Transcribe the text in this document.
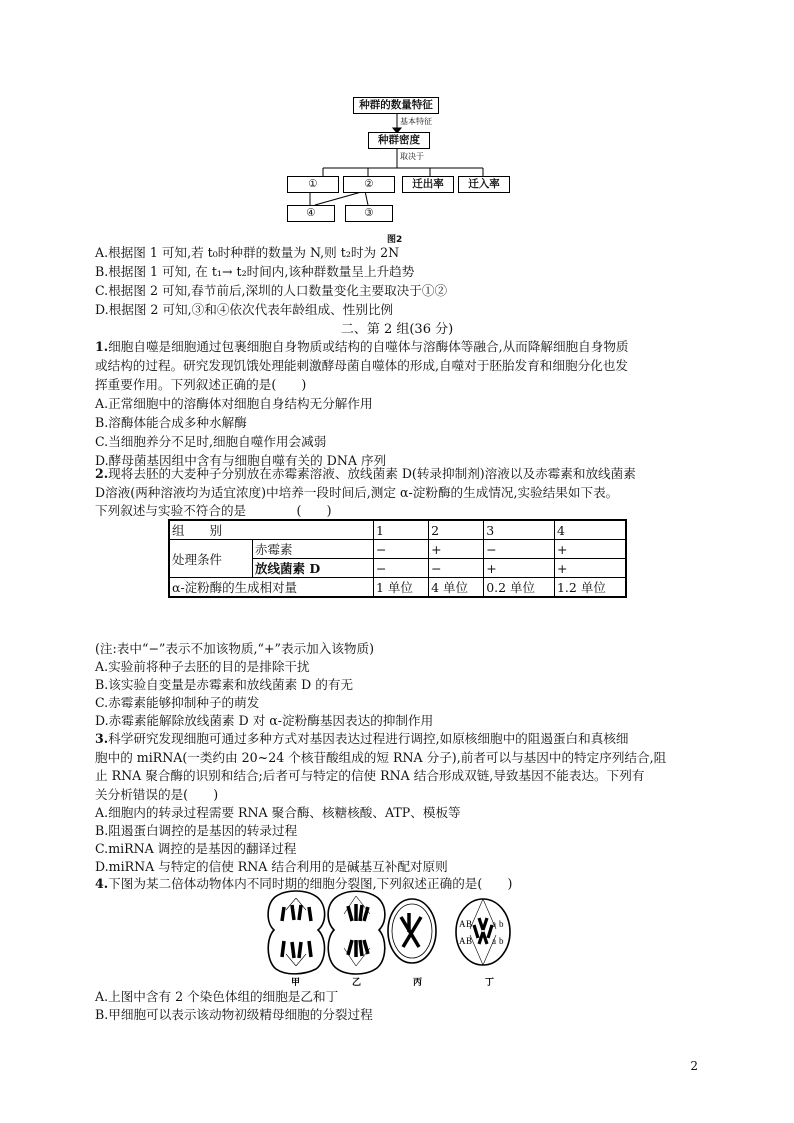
种群的数量特征
基本特征
种群密度
取决于
①	②	迁出率	迁入率
④	③
图2
A.根据图 1 可知,若 t₀时种群的数量为 N,则 t₂时为 2N
B.根据图 1 可知, 在 t₁→ t₂时间内,该种群数量呈上升趋势
C.根据图 2 可知,春节前后,深圳的人口数量变化主要取决于①②
D.根据图 2 可知,③和④依次代表年龄组成、性别比例
二、第 2 组(36 分)
1.细胞自噬是细胞通过包裹细胞自身物质或结构的自噬体与溶酶体等融合,从而降解细胞自身物质
或结构的过程。研究发现饥饿处理能刺激酵母菌自噬体的形成,自噬对于胚胎发育和细胞分化也发
挥重要作用。下列叙述正确的是(　　)
A.正常细胞中的溶酶体对细胞自身结构无分解作用
B.溶酶体能合成多种水解酶
C.当细胞养分不足时,细胞自噬作用会减弱
D.酵母菌基因组中含有与细胞自噬有关的 DNA 序列
2.现将去胚的大麦种子分别放在赤霉素溶液、放线菌素 D(转录抑制剂)溶液以及赤霉素和放线菌素
D溶液(两种溶液均为适宜浓度)中培养一段时间后,测定 α-淀粉酶的生成情况,实验结果如下表。
下列叙述与实验不符合的是　　　　(　　)
组　　别		1	2	3	4
处理条件	赤霉素	−	+	−	+
	放线菌素 D	−	−	+	+
α-淀粉酶的生成相对量		1 单位	4 单位	0.2 单位	1.2 单位
(注:表中“−”表示不加该物质,“+”表示加入该物质)
A.实验前将种子去胚的目的是排除干扰
B.该实验自变量是赤霉素和放线菌素 D 的有无
C.赤霉素能够抑制种子的萌发
D.赤霉素能解除放线菌素 D 对 α-淀粉酶基因表达的抑制作用
3.科学研究发现细胞可通过多种方式对基因表达过程进行调控,如原核细胞中的阻遏蛋白和真核细
胞中的 miRNA(一类约由 20~24 个核苷酸组成的短 RNA 分子),前者可以与基因中的特定序列结合,阻
止 RNA 聚合酶的识别和结合;后者可与特定的信使 RNA 结合形成双链,导致基因不能表达。下列有
关分析错误的是(　　)
A.细胞内的转录过程需要 RNA 聚合酶、核糖核酸、ATP、模板等
B.阻遏蛋白调控的是基因的转录过程
C.miRNA 调控的是基因的翻译过程
D.miRNA 与特定的信使 RNA 结合利用的是碱基互补配对原则
4.下图为某二倍体动物体内不同时期的细胞分裂图,下列叙述正确的是(　　)
A B
A B
a b
a b
甲	乙	丙	丁
A.上图中含有 2 个染色体组的细胞是乙和丁
B.甲细胞可以表示该动物初级精母细胞的分裂过程
2
